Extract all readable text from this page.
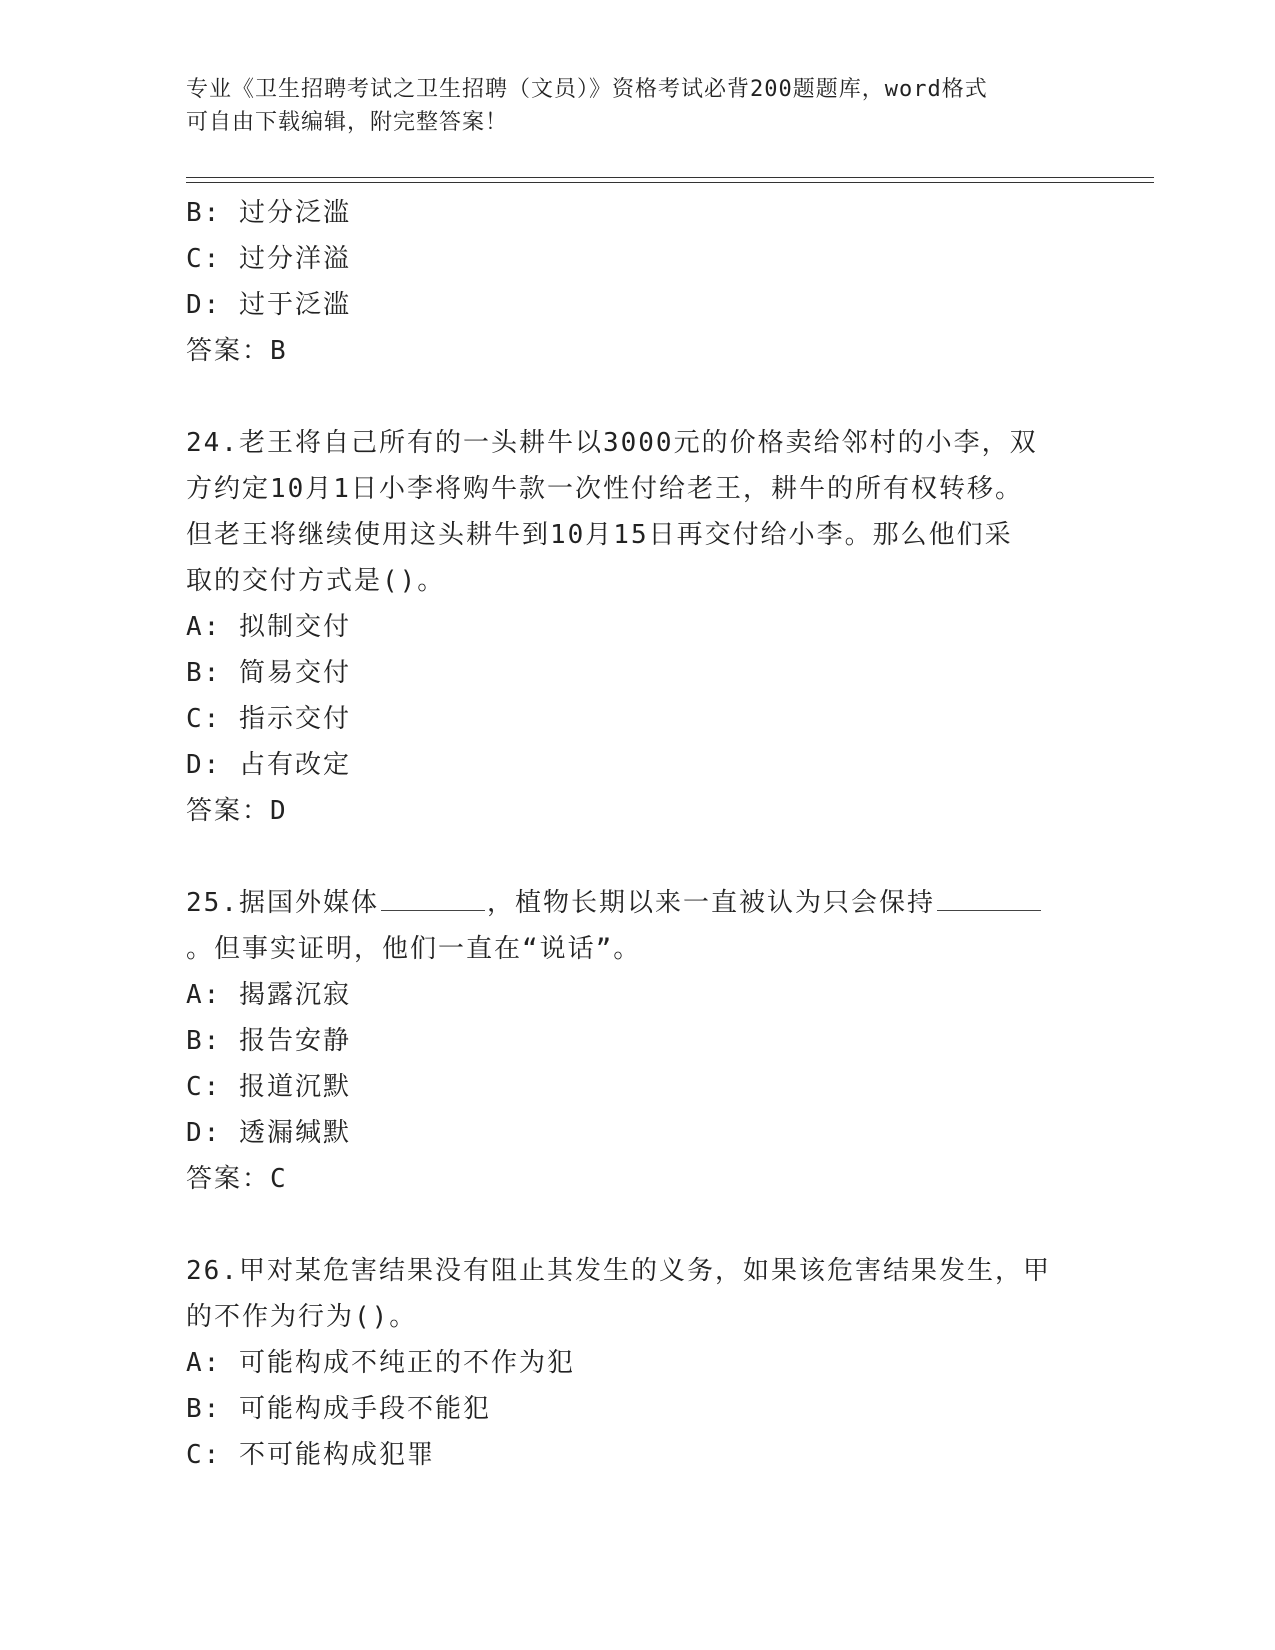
专业《卫生招聘考试之卫生招聘（文员）》资格考试必背200题题库，word格式
可自由下载编辑，附完整答案！
B: 过分泛滥
C: 过分洋溢
D: 过于泛滥
答案：B
24.老王将自己所有的一头耕牛以3000元的价格卖给邻村的小李，双
方约定10月1日小李将购牛款一次性付给老王，耕牛的所有权转移。
但老王将继续使用这头耕牛到10月15日再交付给小李。那么他们采
取的交付方式是()。
A: 拟制交付
B: 简易交付
C: 指示交付
D: 占有改定
答案：D
25.据国外媒体	，植物长期以来一直被认为只会保持
。但事实证明，他们一直在“说话”。
A: 揭露沉寂
B: 报告安静
C: 报道沉默
D: 透漏缄默
答案：C
26.甲对某危害结果没有阻止其发生的义务，如果该危害结果发生，甲
的不作为行为()。
A: 可能构成不纯正的不作为犯
B: 可能构成手段不能犯
C: 不可能构成犯罪
